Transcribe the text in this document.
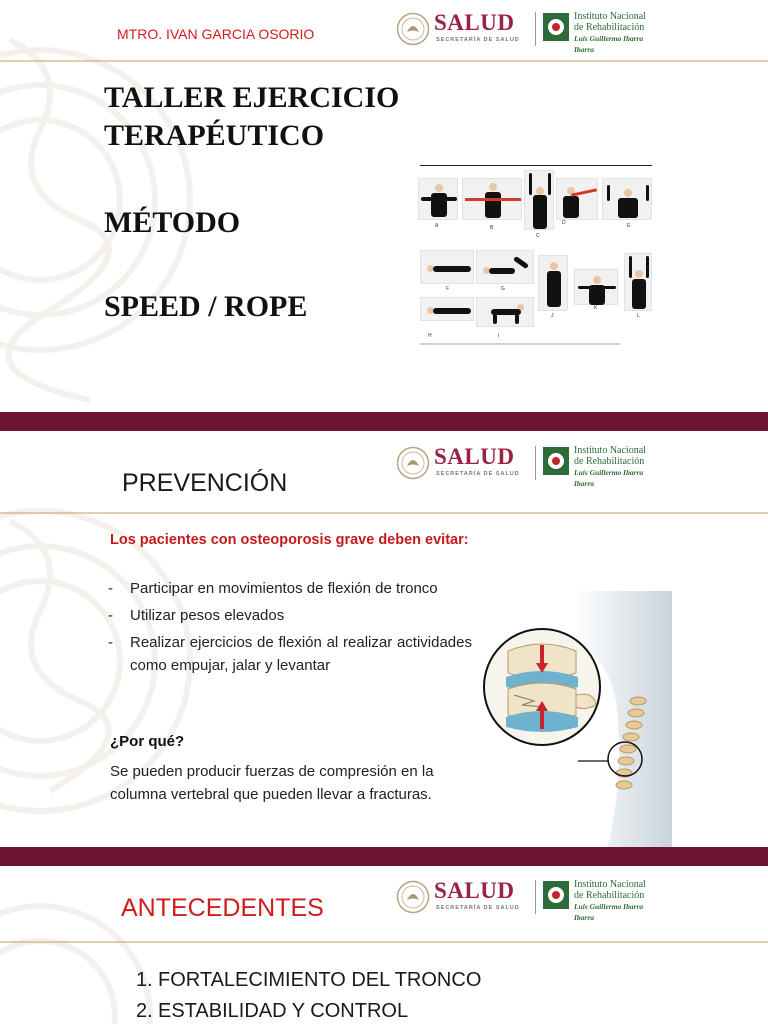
MTRO. IVAN GARCIA OSORIO	SALUD
SECRETARÍA DE SALUD
Instituto Nacional
de Rehabilitación
Luis Guillermo Ibarra Ibarra
TALLER EJERCICIO
TERAPÉUTICO
MÉTODO
SPEED / ROPE
A	B
C
D	E
F	G
J
K
L
H	I
SALUD
SECRETARÍA DE SALUD
Instituto Nacional
de Rehabilitación
Luis Guillermo Ibarra Ibarra
PREVENCIÓN
Los pacientes con osteoporosis grave deben evitar:
- Participar en movimientos de flexión de tronco
- Utilizar pesos elevados
- Realizar ejercicios de flexión al realizar actividades como empujar, jalar y levantar
¿Por qué?
Se pueden producir fuerzas de compresión en la columna vertebral que pueden llevar a fracturas.
SALUD
SECRETARÍA DE SALUD
Instituto Nacional
de Rehabilitación
Luis Guillermo Ibarra Ibarra
ANTECEDENTES
1. FORTALECIMIENTO DEL TRONCO
2. ESTABILIDAD Y CONTROL
